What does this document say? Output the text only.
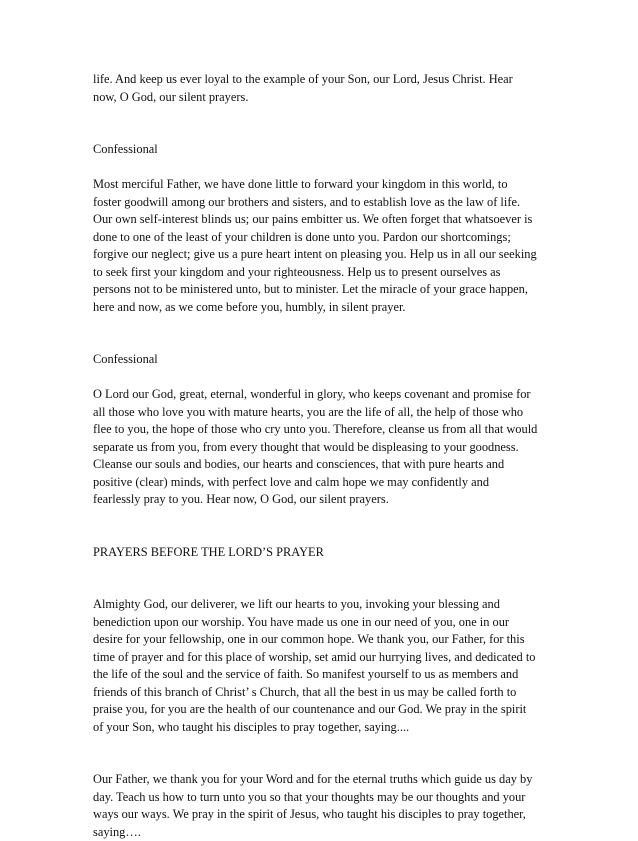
life. And keep us ever loyal to the example of your Son, our Lord, Jesus Christ. Hear
now, O God, our silent prayers.
Confessional
Most merciful Father, we have done little to forward your kingdom in this world, to
foster goodwill among our brothers and sisters, and to establish love as the law of life.
Our own self-interest blinds us; our pains embitter us. We often forget that whatsoever is
done to one of the least of your children is done unto you. Pardon our shortcomings;
forgive our neglect; give us a pure heart intent on pleasing you. Help us in all our seeking
to seek first your kingdom and your righteousness. Help us to present ourselves as
persons not to be ministered unto, but to minister. Let the miracle of your grace happen,
here and now, as we come before you, humbly, in silent prayer.
Confessional
O Lord our God, great, eternal, wonderful in glory, who keeps covenant and promise for
all those who love you with mature hearts, you are the life of all, the help of those who
flee to you, the hope of those who cry unto you. Therefore, cleanse us from all that would
separate us from you, from every thought that would be displeasing to your goodness.
Cleanse our souls and bodies, our hearts and consciences, that with pure hearts and
positive (clear) minds, with perfect love and calm hope we may confidently and
fearlessly pray to you. Hear now, O God, our silent prayers.
PRAYERS BEFORE THE LORD’S PRAYER
Almighty God, our deliverer, we lift our hearts to you, invoking your blessing and
benediction upon our worship. You have made us one in our need of you, one in our
desire for your fellowship, one in our common hope. We thank you, our Father, for this
time of prayer and for this place of worship, set amid our hurrying lives, and dedicated to
the life of the soul and the service of faith. So manifest yourself to us as members and
friends of this branch of Christ’ s Church, that all the best in us may be called forth to
praise you, for you are the health of our countenance and our God. We pray in the spirit
of your Son, who taught his disciples to pray together, saying....
Our Father, we thank you for your Word and for the eternal truths which guide us day by
day. Teach us how to turn unto you so that your thoughts may be our thoughts and your
ways our ways. We pray in the spirit of Jesus, who taught his disciples to pray together,
saying….
